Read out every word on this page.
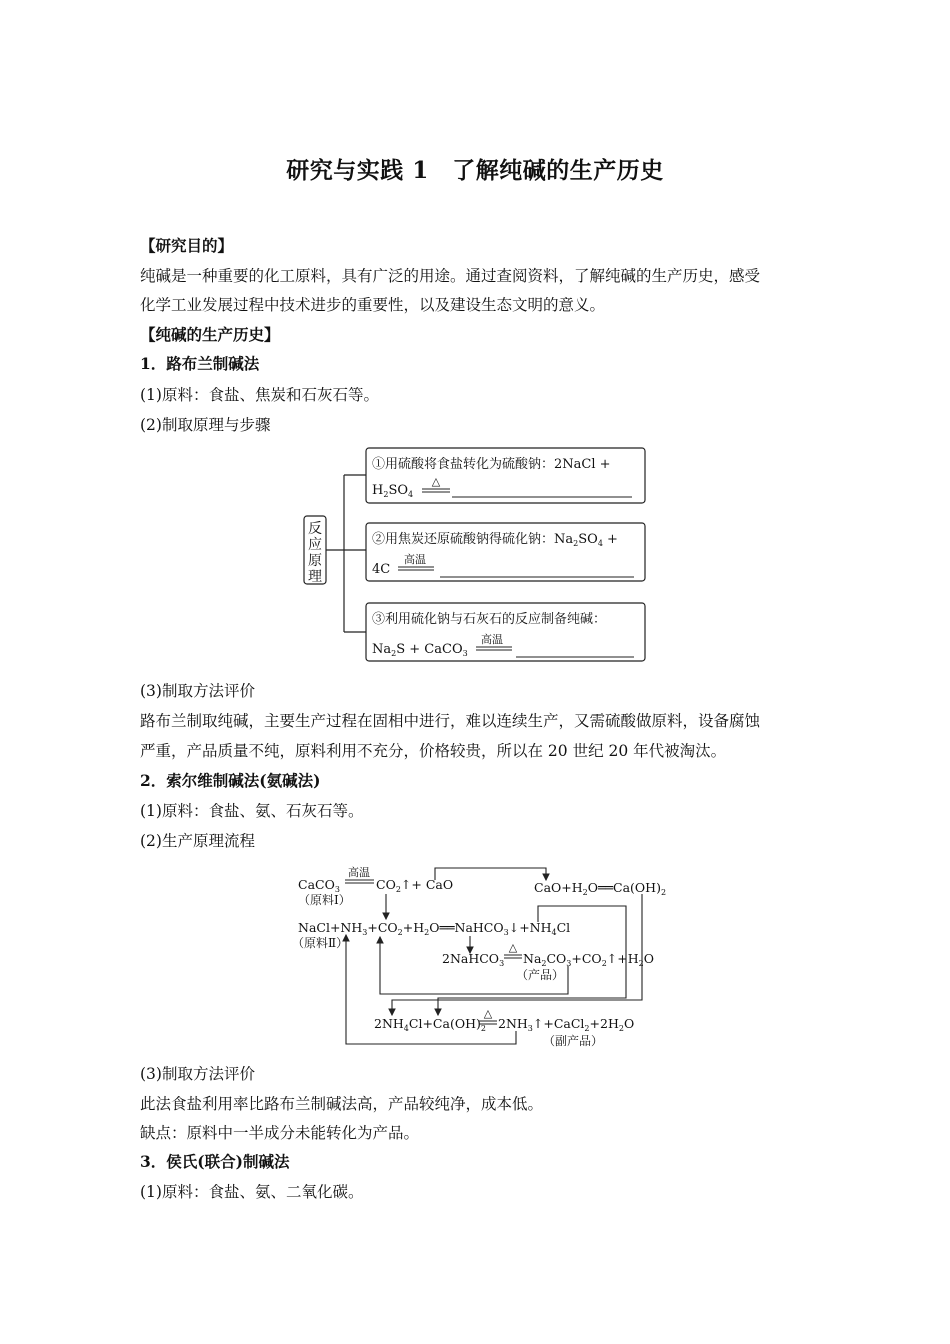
研究与实践 1　了解纯碱的生产历史
【研究目的】
纯碱是一种重要的化工原料，具有广泛的用途。通过查阅资料，了解纯碱的生产历史，感受
化学工业发展过程中技术进步的重要性，以及建设生态文明的意义。
【纯碱的生产历史】
1．路布兰制碱法
(1)原料：食盐、焦炭和石灰石等。
(2)制取原理与步骤
反
应
原
理
①用硫酸将食盐转化为硫酸钠：2NaCl +
$H_2SO_4$
△
②用焦炭还原硫酸钠得硫化钠：$Na_2SO_4$ +
4C
高温
③利用硫化钠与石灰石的反应制备纯碱：
$Na_2S$ + CaCO$_3$
高温
(3)制取方法评价
路布兰制取纯碱，主要生产过程在固相中进行，难以连续生产，又需硫酸做原料，设备腐蚀
严重，产品质量不纯，原料利用不充分，价格较贵，所以在 20 世纪 20 年代被淘汰。
2．索尔维制碱法(氨碱法)
(1)原料：食盐、氨、石灰石等。
(2)生产原理流程
CaCO$_3$
高温
$CO_2↑+$ CaO
（原料Ⅰ）
$CaO+H_2O══Ca(OH)_2$
$NaCl+NH_3+CO_2+H_2O══NaHCO_3↓+NH_4Cl$
（原料Ⅱ）
2NaHCO$_3$
△
$Na_2CO_3+CO_2↑+H_2O$
（产品）
$2NH_4Cl+Ca(OH)_2$
△
$2NH_3↑+CaCl_2+2H_2O$
（副产品）
(3)制取方法评价
此法食盐利用率比路布兰制碱法高，产品较纯净，成本低。
缺点：原料中一半成分未能转化为产品。
3．侯氏(联合)制碱法
(1)原料：食盐、氨、二氧化碳。
